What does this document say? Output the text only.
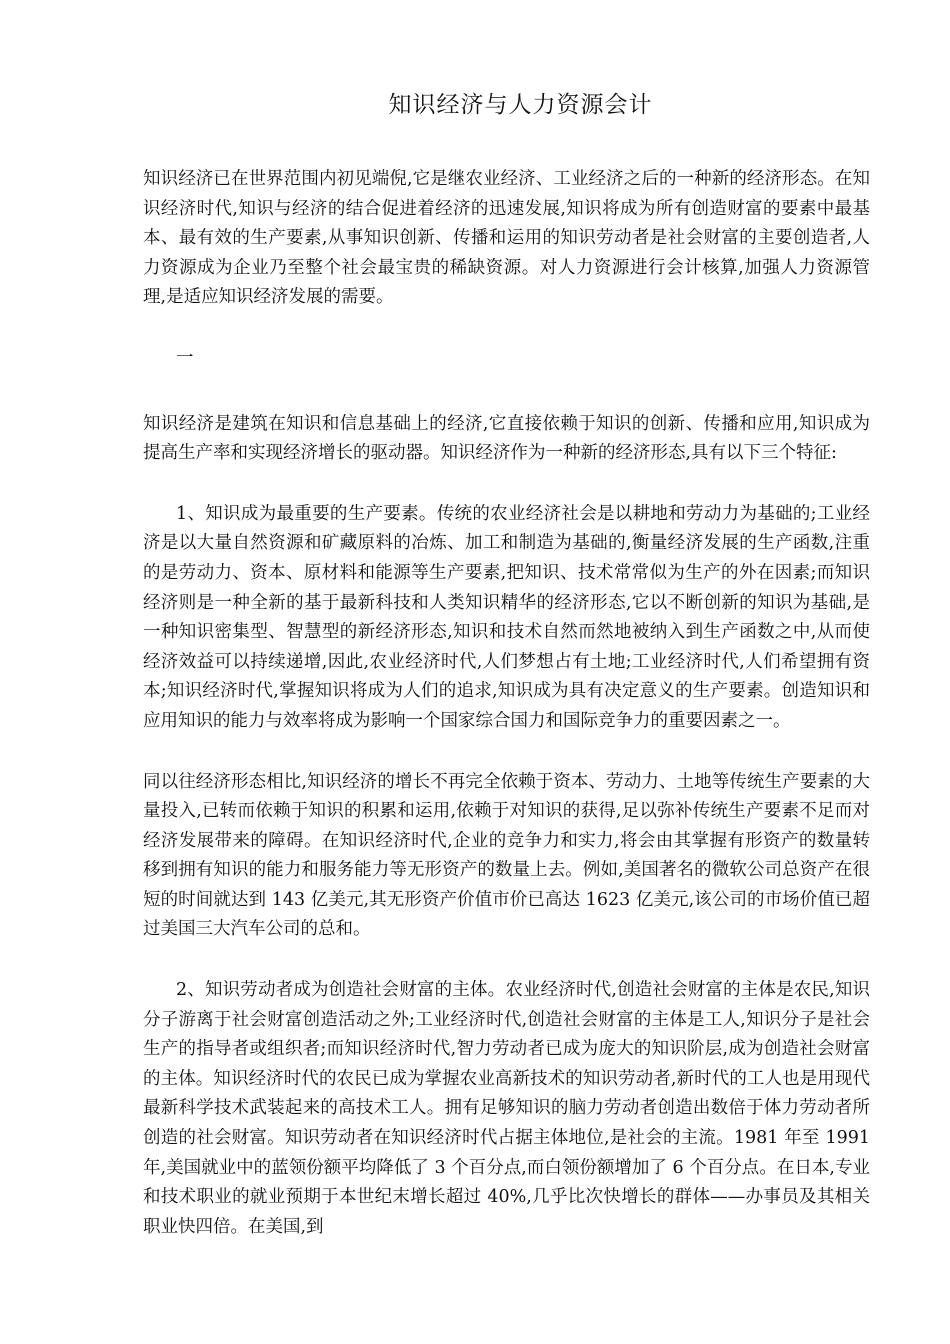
知识经济与人力资源会计

知识经济已在世界范围内初见端倪,它是继农业经济、工业经济之后的一种新的经济形态。在知识经济时代,知识与经济的结合促进着经济的迅速发展,知识将成为所有创造财富的要素中最基本、最有效的生产要素,从事知识创新、传播和运用的知识劳动者是社会财富的主要创造者,人力资源成为企业乃至整个社会最宝贵的稀缺资源。对人力资源进行会计核算,加强人力资源管理,是适应知识经济发展的需要。

一

知识经济是建筑在知识和信息基础上的经济,它直接依赖于知识的创新、传播和应用,知识成为提高生产率和实现经济增长的驱动器。知识经济作为一种新的经济形态,具有以下三个特征:

1、知识成为最重要的生产要素。传统的农业经济社会是以耕地和劳动力为基础的;工业经济是以大量自然资源和矿藏原料的冶炼、加工和制造为基础的,衡量经济发展的生产函数,注重的是劳动力、资本、原材料和能源等生产要素,把知识、技术常常似为生产的外在因素;而知识经济则是一种全新的基于最新科技和人类知识精华的经济形态,它以不断创新的知识为基础,是一种知识密集型、智慧型的新经济形态,知识和技术自然而然地被纳入到生产函数之中,从而使经济效益可以持续递增,因此,农业经济时代,人们梦想占有土地;工业经济时代,人们希望拥有资本;知识经济时代,掌握知识将成为人们的追求,知识成为具有决定意义的生产要素。创造知识和应用知识的能力与效率将成为影响一个国家综合国力和国际竞争力的重要因素之一。

同以往经济形态相比,知识经济的增长不再完全依赖于资本、劳动力、土地等传统生产要素的大量投入,已转而依赖于知识的积累和运用,依赖于对知识的获得,足以弥补传统生产要素不足而对经济发展带来的障碍。在知识经济时代,企业的竞争力和实力,将会由其掌握有形资产的数量转移到拥有知识的能力和服务能力等无形资产的数量上去。例如,美国著名的微软公司总资产在很短的时间就达到 143 亿美元,其无形资产价值市价已高达 1623 亿美元,该公司的市场价值已超过美国三大汽车公司的总和。

2、知识劳动者成为创造社会财富的主体。农业经济时代,创造社会财富的主体是农民,知识分子游离于社会财富创造活动之外;工业经济时代,创造社会财富的主体是工人,知识分子是社会生产的指导者或组织者;而知识经济时代,智力劳动者已成为庞大的知识阶层,成为创造社会财富的主体。知识经济时代的农民已成为掌握农业高新技术的知识劳动者,新时代的工人也是用现代最新科学技术武装起来的高技术工人。拥有足够知识的脑力劳动者创造出数倍于体力劳动者所创造的社会财富。知识劳动者在知识经济时代占据主体地位,是社会的主流。1981 年至 1991 年,美国就业中的蓝领份额平均降低了 3 个百分点,而白领份额增加了 6 个百分点。在日本,专业和技术职业的就业预期于本世纪末增长超过 40%,几乎比次快增长的群体——办事员及其相关职业快四倍。在美国,到
